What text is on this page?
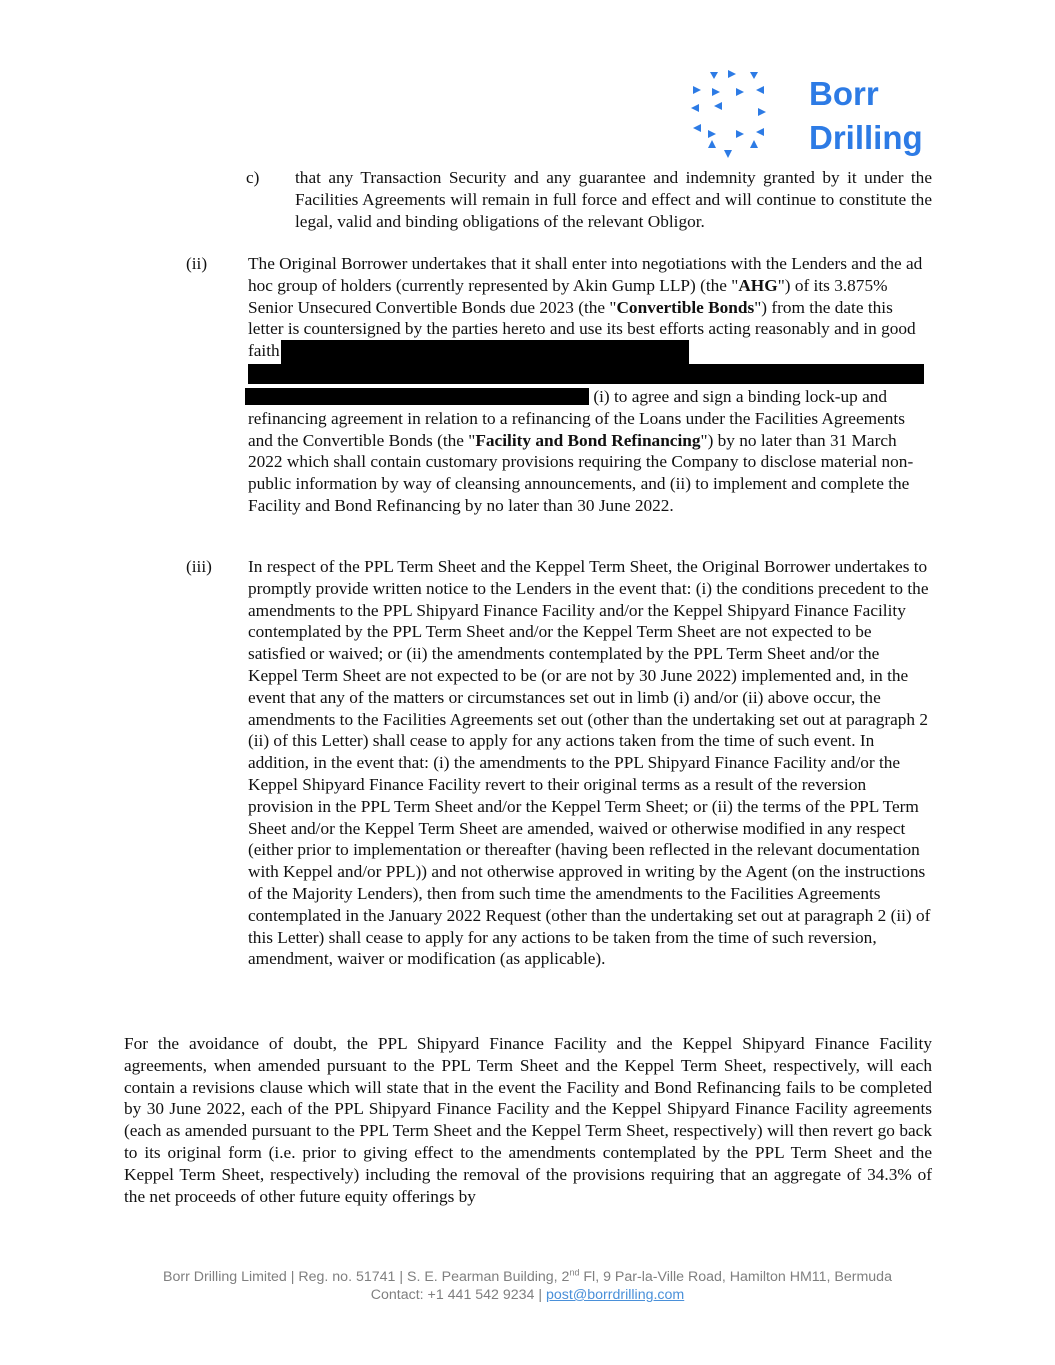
Borr
Drilling
c) that any Transaction Security and any guarantee and indemnity granted by it under the Facilities Agreements will remain in full force and effect and will continue to constitute the legal, valid and binding obligations of the relevant Obligor.
(ii) The Original Borrower undertakes that it shall enter into negotiations with the Lenders and the ad hoc group of holders (currently represented by Akin Gump LLP) (the "AHG") of its 3.875% Senior Unsecured Convertible Bonds due 2023 (the "Convertible Bonds") from the date this letter is countersigned by the parties hereto and use its best efforts acting reasonably and in good faith

(i) to agree and sign a binding lock-up and refinancing agreement in relation to a refinancing of the Loans under the Facilities Agreements and the Convertible Bonds (the "Facility and Bond Refinancing") by no later than 31 March 2022 which shall contain customary provisions requiring the Company to disclose material non-public information by way of cleansing announcements, and (ii) to implement and complete the Facility and Bond Refinancing by no later than 30 June 2022.
(iii) In respect of the PPL Term Sheet and the Keppel Term Sheet, the Original Borrower undertakes to promptly provide written notice to the Lenders in the event that: (i) the conditions precedent to the amendments to the PPL Shipyard Finance Facility and/or the Keppel Shipyard Finance Facility contemplated by the PPL Term Sheet and/or the Keppel Term Sheet are not expected to be satisfied or waived; or (ii) the amendments contemplated by the PPL Term Sheet and/or the Keppel Term Sheet are not expected to be (or are not by 30 June 2022) implemented and, in the event that any of the matters or circumstances set out in limb (i) and/or (ii) above occur, the amendments to the Facilities Agreements set out (other than the undertaking set out at paragraph 2 (ii) of this Letter) shall cease to apply for any actions taken from the time of such event. In addition, in the event that: (i) the amendments to the PPL Shipyard Finance Facility and/or the Keppel Shipyard Finance Facility revert to their original terms as a result of the reversion provision in the PPL Term Sheet and/or the Keppel Term Sheet; or (ii) the terms of the PPL Term Sheet and/or the Keppel Term Sheet are amended, waived or otherwise modified in any respect (either prior to implementation or thereafter (having been reflected in the relevant documentation with Keppel and/or PPL)) and not otherwise approved in writing by the Agent (on the instructions of the Majority Lenders), then from such time the amendments to the Facilities Agreements contemplated in the January 2022 Request (other than the undertaking set out at paragraph 2 (ii) of this Letter) shall cease to apply for any actions to be taken from the time of such reversion, amendment, waiver or modification (as applicable).
For the avoidance of doubt, the PPL Shipyard Finance Facility and the Keppel Shipyard Finance Facility agreements, when amended pursuant to the PPL Term Sheet and the Keppel Term Sheet, respectively, will each contain a revisions clause which will state that in the event the Facility and Bond Refinancing fails to be completed by 30 June 2022, each of the PPL Shipyard Finance Facility and the Keppel Shipyard Finance Facility agreements (each as amended pursuant to the PPL Term Sheet and the Keppel Term Sheet, respectively) will then revert go back to its original form (i.e. prior to giving effect to the amendments contemplated by the PPL Term Sheet and the Keppel Term Sheet, respectively) including the removal of the provisions requiring that an aggregate of 34.3% of the net proceeds of other future equity offerings by
Borr Drilling Limited | Reg. no. 51741 | S. E. Pearman Building, 2nd Fl, 9 Par-la-Ville Road, Hamilton HM11, Bermuda
Contact: +1 441 542 9234 | post@borrdrilling.com
